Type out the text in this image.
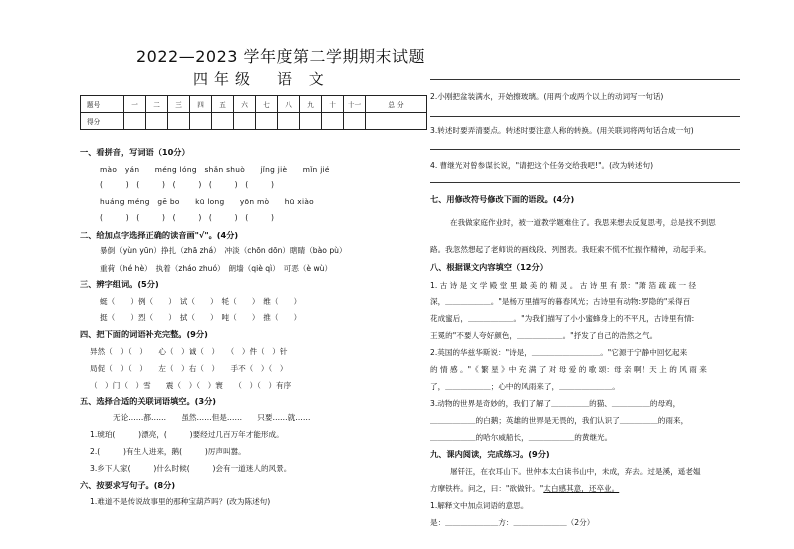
2022—2023 学年度第二学期期末试题
四年级　语 文
题号	一	二	三	四	五	六	七	八	九	十	十一	总 分
得分												
一、看拼音，写词语（10分）
mào　yán　　méng lóng　shǎn shuò　　jǐng jiè　　mǐn jié
(　　　)　(　　　)　(　　　)　(　　　)　(　　　)
huáng méng　gē bo　　kū long　　yōn mò　　hū xiào
(　　　)　(　　　)　(　　　)　(　　　)　(　　　)
二、给加点字选择正确的读音画"√"。(4分)
暴倒（yùn yūn）挣扎（zhā zhá）　冲淡（chōn dōn）瞎睛（bào pù）
重荷（hé hè）　执着（zháo zhuó）　朗墙（qiè qì）　可恶（è wù）
三、辨字组词。(5分)
蜓（　　）例（　　）　试（　　）　牦（　　）　维（　　）
挺（　　）烈（　　）　拭（　　）　吨（　　）　推（　　）
四、把下面的词语补充完整。(9分)
异然（　）（　）　　心（　）诚（　）　　（　）件（　）针
局促（　）（　）　　左（　）右（　）　　手不（　）（　）
（　）门（　）雪　　震（　）（　）寰　　（　）（　）有序
五、选择合适的关联词语填空。(3分)
无论……都……　　虽然……但是……　　只要……就……
1.琥珀(　　　)漂亮，(　　　)要经过几百万年才能形成。
2.(　　　)有生人进来，鹅(　　　)厉声叫嚣。
3.乡下人家(　　　)什么时候(　　　)会有一道迷人的风景。
六、按要求写句子。(8分)
1.难道不是传说故事里的那种宝葫芦吗？(改为陈述句)
2.小刚把盆装满水，开始擦玻璃。(用两个或两个以上的动词写一句话)
3.转述时要弄清要点。转述时要注意人称的转换。(用关联词将两句话合成一句)
4. 曹继光对曾参谋长说，"请把这个任务交给我吧!"。(改为转述句)
七、用修改符号修改下面的语段。(4分)
在我做家庭作业时，被一道教学题难住了。我思来想去反复思考，总是找不到思
路。我忽然想起了老师说的画线段、列图表。我旺索不慌不忙振作精神，动起手来。
八、根据课文内容填空（12分）
1. 古 诗 是 文 学 殿 堂 里 最 美 的 精 灵 。 古 诗 里 有 景："萧 箔 疏 疏 一 径
深，＿＿＿＿＿＿。"是杨万里描写的暮春风光；古诗里有动物:罗隐的"采得百
花成蜜后，＿＿＿＿＿＿。"为我们描写了小小蜜蜂身上的不平凡，古诗里有情:
王冕的"不要人夸好颜色，＿＿＿＿＿＿。"抒发了自己的浩然之气。
2.英国的华兹华斯说："诗是，＿＿＿＿＿＿＿＿＿。"它源于宁静中回忆起来
的 情 感 。"《 繁 星 》中 充 满 了 对 母 爱 的 歌 颂：母 亲 啊！天 上 的 风 雨 来
了，＿＿＿＿＿＿；心中的风雨来了，＿＿＿＿＿＿＿。
3.动物的世界是奇妙的，我们了解了＿＿＿＿＿的猫、＿＿＿＿＿的母鸡，
＿＿＿＿＿＿的白鹅；英雄的世界是无畏的，我们认识了＿＿＿＿＿的雨来，
＿＿＿＿＿＿的哈尔威船长，＿＿＿＿＿＿的黄继光。
九、课内阅读，完成练习。(9分)
屠钎汪，在衣耳山下。世仲本太白读书山中，未成，弃去。过是溪，遥老媪
方摩铁杵。问之，曰："欲做针。"太白感其意，还卒业。
1.解释文中加点词语的意思。
是：＿＿＿＿＿＿＿方：＿＿＿＿＿＿＿（2分）
